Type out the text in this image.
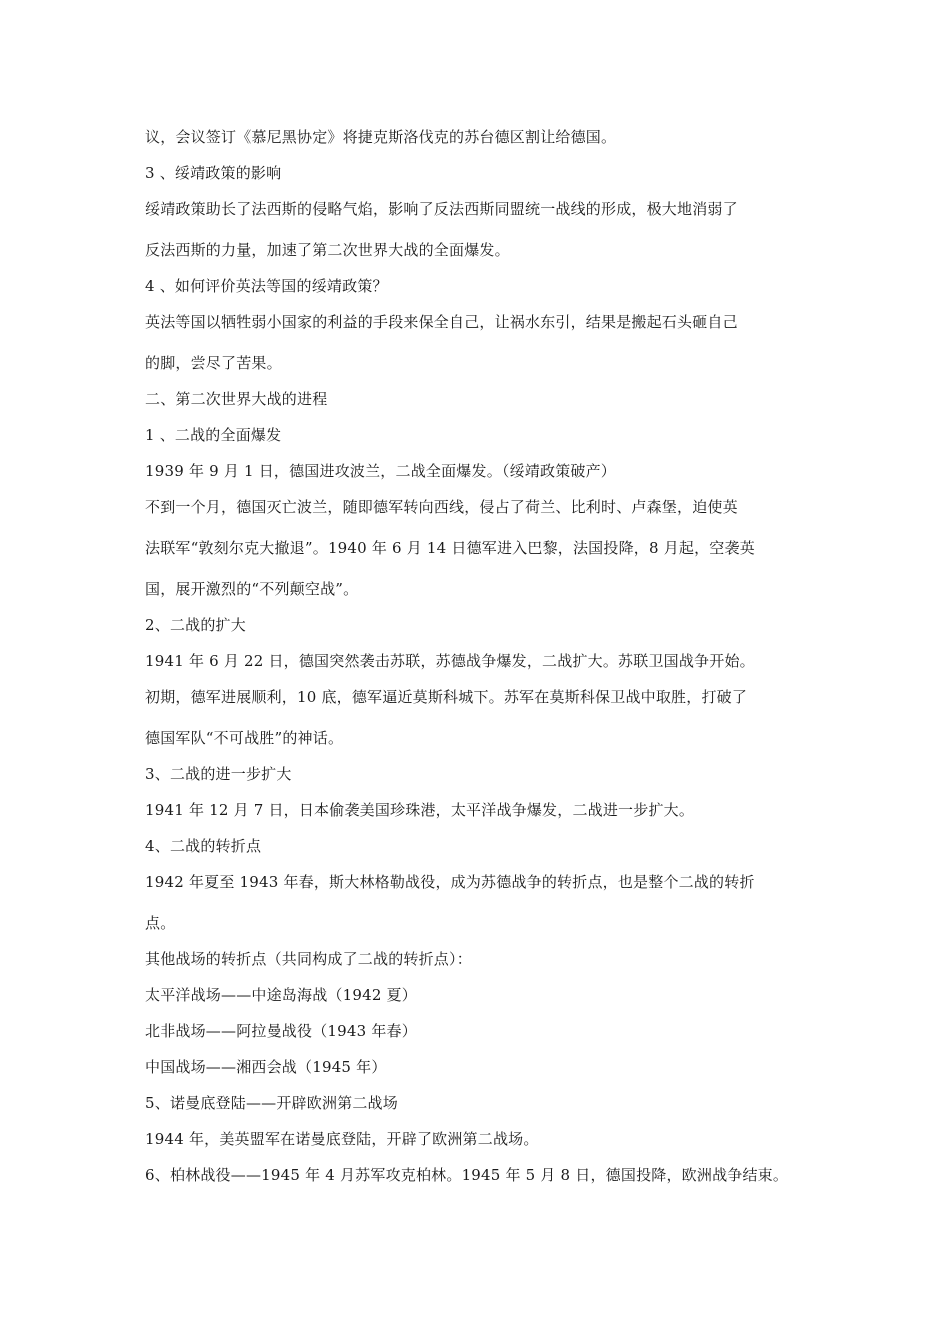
议，会议签订《慕尼黑协定》将捷克斯洛伐克的苏台德区割让给德国。
3 、绥靖政策的影响
绥靖政策助长了法西斯的侵略气焰，影响了反法西斯同盟统一战线的形成，极大地消弱了
反法西斯的力量，加速了第二次世界大战的全面爆发。
4 、如何评价英法等国的绥靖政策？
英法等国以牺牲弱小国家的利益的手段来保全自己，让祸水东引，结果是搬起石头砸自己
的脚，尝尽了苦果。
二、第二次世界大战的进程
1 、二战的全面爆发
1939 年 9 月 1 日，德国进攻波兰，二战全面爆发。（绥靖政策破产）
不到一个月，德国灭亡波兰，随即德军转向西线，侵占了荷兰、比利时、卢森堡，迫使英
法联军“敦刻尔克大撤退”。1940 年 6 月 14 日德军进入巴黎，法国投降，8 月起，空袭英
国，展开激烈的“不列颠空战”。
2、二战的扩大
1941 年 6 月 22 日，德国突然袭击苏联，苏德战争爆发，二战扩大。苏联卫国战争开始。
初期，德军进展顺利，10 底，德军逼近莫斯科城下。苏军在莫斯科保卫战中取胜，打破了
德国军队“不可战胜”的神话。
3、二战的进一步扩大
1941 年 12 月 7 日，日本偷袭美国珍珠港，太平洋战争爆发，二战进一步扩大。
4、二战的转折点
1942 年夏至 1943 年春，斯大林格勒战役，成为苏德战争的转折点，也是整个二战的转折
点。
其他战场的转折点（共同构成了二战的转折点）：
太平洋战场——中途岛海战（1942 夏）
北非战场——阿拉曼战役（1943 年春）
中国战场——湘西会战（1945 年）
5、诺曼底登陆——开辟欧洲第二战场
1944 年，美英盟军在诺曼底登陆，开辟了欧洲第二战场。
6、柏林战役——1945 年 4 月苏军攻克柏林。1945 年 5 月 8 日，德国投降，欧洲战争结束。
